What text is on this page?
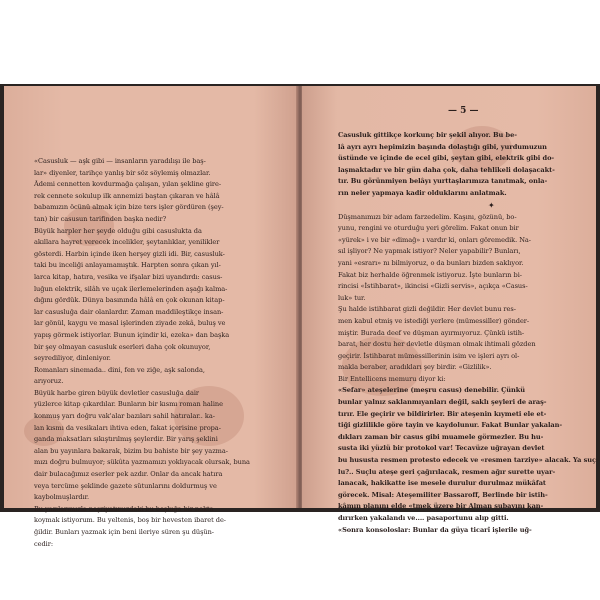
«Casusluk — aşk gibi — insanların yaradılışı ile baş-
lar» diyenler, tarihçe yanlış bir söz söylemiş olmazlar.
Âdemi cennetten kovdurmağa çalışan, yılan şekline gire-
rek cennete sokulup ilk annemizi baştan çıkaran ve hâlâ
babamızın öcünü almak için bize ters işler gördüren (şey-
tan) bir casusun tarifinden başka nedir?
Büyük harpler her şeyde olduğu gibi casuslukta da
akıllara hayret verecek incelikler, şeytanlıklar, yenilikler
gösterdi. Harbin içinde iken herşey gizli idi. Bir, casusluk-
taki bu inceliği anlayamamıştık. Harpten sonra çıkan yıl-
larca kitap, hatıra, vesika ve ifşalar bizi uyandırdı: casus-
luğun elektrik, silâh ve uçak ilerlemelerinden aşağı kalma-
dığını gördük. Dünya basınında hâlâ en çok okunan kitap-
lar casusluğa dair olanlardır. Zaman maddileştikçe insan-
lar gönül, kaygu ve masal işlerinden ziyade zekâ, buluş ve
yapış görmek istiyorlar. Bunun içindir ki, ezeka» dan başka
bir şey olmayan casusluk eserleri daha çok okunuyor,
seyrediliyor, dinleniyor.
Romanları sinemada.. dini, fen ve ziğe, aşk salonda,
arıyoruz.
Büyük harbe giren büyük devletler casusluğa dair
yüzlerce kitap çıkardılar. Bunların bir kısmı roman haline
konmuş yarı doğru vak'alar bazıları sahil hatıralar.. ka-
lan kısmı da vesikaları ihtiva eden, fakat içerisine propa-
ganda maksatları sıkıştırılmış şeylerdir. Bir yarış şeklini
alan bu yayınlara bakarak, bizim bu bahiste bir şey yazma-
mızı doğru bulmuyor; sükûta yazmamızı yoklıyacak olursak, buna
dair bulacağımız eserler pek azdır. Onlar da ancak hatıra
veya tercüme şeklinde gazete sütunlarını doldurmuş ve
kaybolmuşlardır.
Bu yazılarımızla neşriyatımızdaki bu boşluğa bir nokta
koymak istiyorum. Bu yeltenis, boş bir hevesten ibaret de-
ğildir. Bunları yazmak için beni ileriye süren şu düşün-
cedir:
— 5 —
Casusluk gittikçe korkunç bir şekil alıyor. Bu be-
lâ ayrı ayrı hepimizin başında dolaştığı gibi, yurdumuzun
üstünde ve içinde de ecel gibi, şeytan gibi, elektrik gibi do-
laşmaktadır ve bir gün daha çok, daha tehlikeli dolaşacakt-
tır. Bu görünmiyen belâyı yurttaşlarımıza tanıtmak, onla-
rın neler yapmaya kadir olduklarını anlatmak.
✦
Düşmanımızı bir adam farzedelim. Kaşını, gözünü, bo-
yunu, rengini ve oturduğu yeri görelim. Fakat onun bir
«yürek» i ve bir «dimağ» ı vardır ki, onları göremedik. Na-
sıl işliyor? Ne yapmak istiyor? Neler yapabilir? Bunları,
yani «esrarı» nı bilmiyoruz, o da bunları bizden saklıyor.
Fakat biz herhalde öğrenmek istiyoruz. İşte bunların bi-
rincisi «İstihbarat», ikincisi «Gizli servis», açıkça «Casus-
luk» tur.
Şu halde istihbarat gizli değildir. Her devlet bunu res-
men kabul etmiş ve istediği yerlere (mümessiller) gönder-
miştir. Burada deef ve düşman ayırmıyoruz. Çünkü istih-
barat, her dostu her devletle düşman olmak ihtimali gözden
geçirir. İstihbarat mümessillerinin isim ve işleri ayrı ol-
makla beraber, aradıkları şey birdir. «Gizlilik».
Bir Entellicens memuru diyor ki:
«Sefar» ateşelerine (meşru casus) denebilir. Çünkü
bunlar yalnız saklanmıyanları değil, saklı şeyleri de araş-
tırır. Ele geçirir ve bildirirler. Bir ateşenin kıymeti ele et-
tiği gizlilikle göre tayin ve kaydolunur. Fakat Bunlar yakalan-
dıkları zaman bir casus gibi muamele görmezler. Bu hu-
susta iki yüzlü bir protokol var! Tecavüze uğrayan devlet
bu hususta resmen protesto edecek ve «resmen tarziye» alacak. Ya suç-
lu?.. Suçlu ateşe geri çağırılacak, resmen ağır surette uyar-
lanacak, hakikatte ise mesele durulur durulmaz mükâfat
görecek. Misal: Ateşemiliter Bassaroff, Berlinde bir istih-
kâmın planını elde «tmek üzere bir Alman subayını kan-
dırırken yakalandı ve.... pasaportunu alıp gitti.
«Sonra konsoloslar: Bunlar da güya ticarî işlerile uğ-
